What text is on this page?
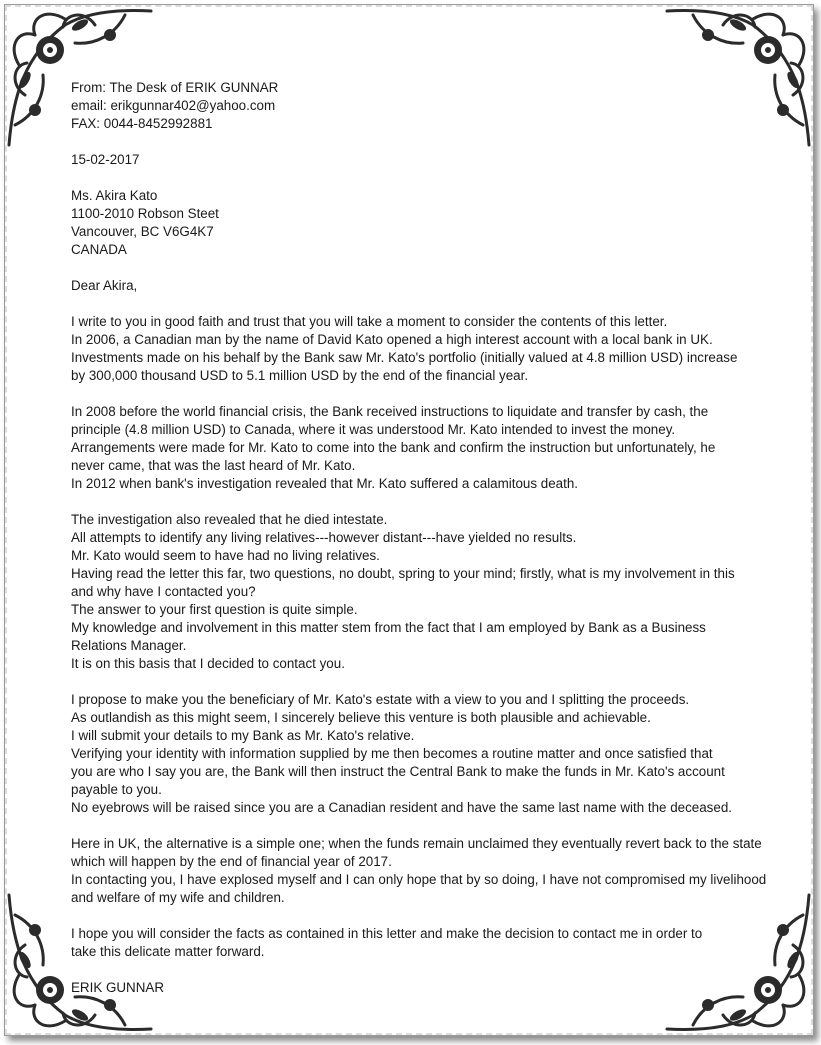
From: The Desk of ERIK GUNNAR

email: erikgunnar402@yahoo.com

FAX: 0044-8452992881

15-02-2017

Ms. Akira Kato

1100-2010 Robson Steet

Vancouver, BC V6G4K7

CANADA

Dear Akira,

I write to you in good faith and trust that you will take a moment to consider the contents of this letter.

In 2006, a Canadian man by the name of David Kato opened a high interest account with a local bank in UK.

Investments made on his behalf by the Bank saw Mr. Kato's portfolio (initially valued at 4.8 million USD) increase

by 300,000 thousand USD to 5.1 million USD by the end of the financial year.

In 2008 before the world financial crisis, the Bank received instructions to liquidate and transfer by cash, the

principle (4.8 million USD) to Canada, where it was understood Mr. Kato intended to invest the money.

Arrangements were made for Mr. Kato to come into the bank and confirm the instruction but unfortunately, he

never came, that was the last heard of Mr. Kato.

In 2012 when bank's investigation revealed that Mr. Kato suffered a calamitous death.

The investigation also revealed that he died intestate.

All attempts to identify any living relatives---however distant---have yielded no results.

Mr. Kato would seem to have had no living relatives.

Having read the letter this far, two questions, no doubt, spring to your mind; firstly, what is my involvement in this

and why have I contacted you?

The answer to your first question is quite simple.

My knowledge and involvement in this matter stem from the fact that I am employed by Bank as a Business

Relations Manager.

It is on this basis that I decided to contact you.

I propose to make you the beneficiary of Mr. Kato's estate with a view to you and I splitting the proceeds.

As outlandish as this might seem, I sincerely believe this venture is both plausible and achievable.

I will submit your details to my Bank as Mr. Kato's relative.

Verifying your identity with information supplied by me then becomes a routine matter and once satisfied that

you are who I say you are, the Bank will then instruct the Central Bank to make the funds in Mr. Kato's account

payable to you.

No eyebrows will be raised since you are a Canadian resident and have the same last name with the deceased.

Here in UK, the alternative is a simple one; when the funds remain unclaimed they eventually revert back to the state

which will happen by the end of financial year of 2017.

In contacting you, I have explosed myself and I can only hope that by so doing, I have not compromised my livelihood

and welfare of my wife and children.

I hope you will consider the facts as contained in this letter and make the decision to contact me in order to

take this delicate matter forward.

ERIK GUNNAR
